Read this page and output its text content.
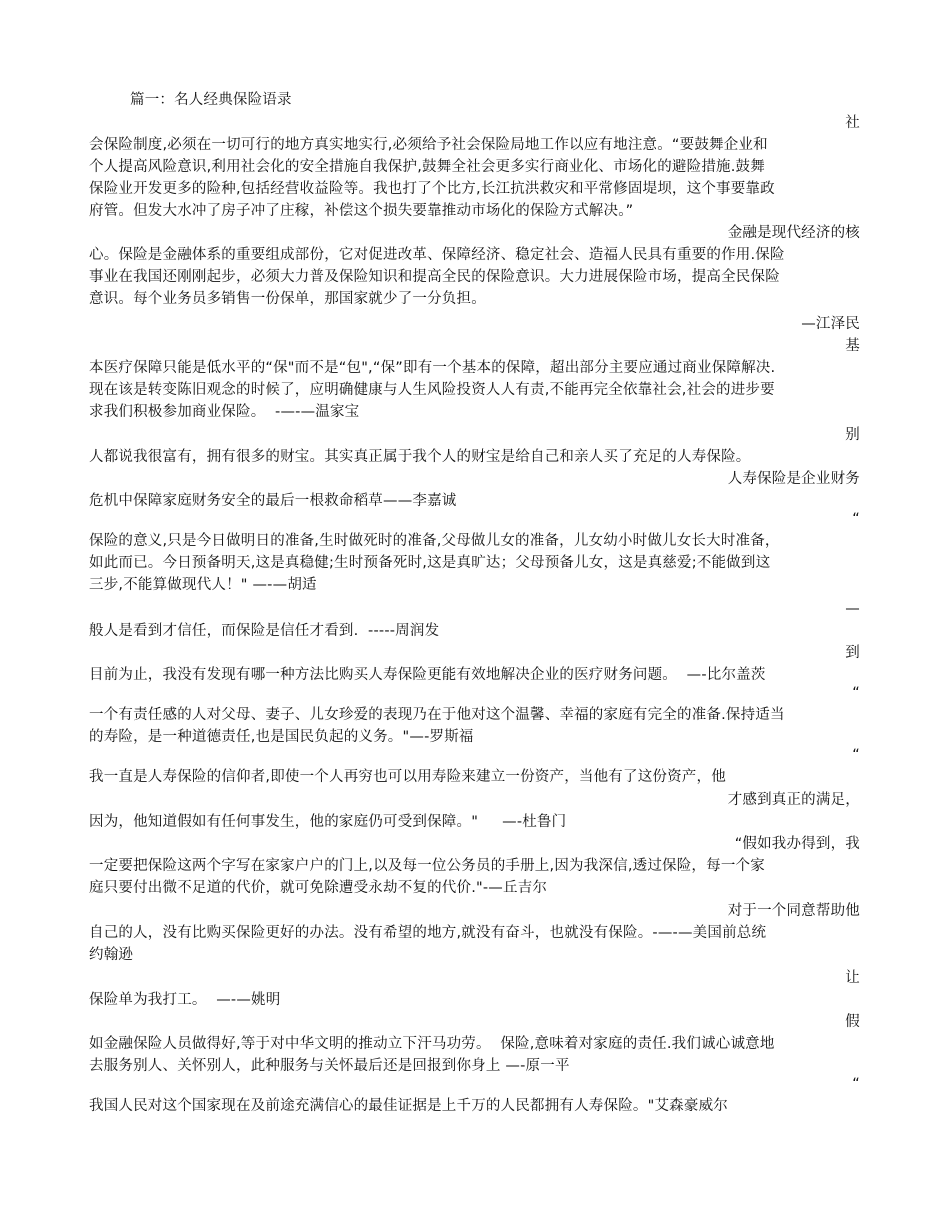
篇一：名人经典保险语录
社
会保险制度,必须在一切可行的地方真实地实行,必须给予社会保险局地工作以应有地注意。“要鼓舞企业和
个人提高风险意识,利用社会化的安全措施自我保护,鼓舞全社会更多实行商业化、市场化的避险措施.鼓舞
保险业开发更多的险种,包括经营收益险等。我也打了个比方,长江抗洪救灾和平常修固堤坝，这个事要靠政
府管。但发大水冲了房子冲了庄稼，补偿这个损失要靠推动市场化的保险方式解决。”
金融是现代经济的核
心。保险是金融体系的重要组成部份，它对促进改革、保障经济、稳定社会、造福人民具有重要的作用.保险
事业在我国还刚刚起步，必须大力普及保险知识和提高全民的保险意识。大力进展保险市场，提高全民保险
意识。每个业务员多销售一份保单，那国家就少了一分负担。
—江泽民
基
本医疗保障只能是低水平的“保"而不是“包",“保”即有一个基本的保障，超出部分主要应通过商业保障解决.
现在该是转变陈旧观念的时候了，应明确健康与人生风险投资人人有责,不能再完全依靠社会,社会的进步要
求我们积极参加商业保险。  -—-—温家宝
别
人都说我很富有，拥有很多的财宝。其实真正属于我个人的财宝是给自己和亲人买了充足的人寿保险。
人寿保险是企业财务
危机中保障家庭财务安全的最后一根救命稻草——李嘉诚
“
保险的意义,只是今日做明日的准备,生时做死时的准备,父母做儿女的准备，儿女幼小时做儿女长大时准备，
如此而已。今日预备明天,这是真稳健;生时预备死时,这是真旷达；父母预备儿女，这是真慈爱;不能做到这
三步,不能算做现代人！" —-—胡适
—
般人是看到才信任，而保险是信任才看到.  -----周润发
到
目前为止，我没有发现有哪一种方法比购买人寿保险更能有效地解决企业的医疗财务问题。  —-比尔盖茨
“
一个有责任感的人对父母、妻子、儿女珍爱的表现乃在于他对这个温馨、幸福的家庭有完全的准备.保持适当
的寿险，是一种道德责任,也是国民负起的义务。"—-罗斯福
“
我一直是人寿保险的信仰者,即使一个人再穷也可以用寿险来建立一份资产，当他有了这份资产，他
才感到真正的满足，
因为，他知道假如有任何事发生，他的家庭仍可受到保障。"     —-杜鲁门
“假如我办得到，我
一定要把保险这两个字写在家家户户的门上,以及每一位公务员的手册上,因为我深信,透过保险，每一个家
庭只要付出微不足道的代价，就可免除遭受永劫不复的代价."-—丘吉尔
对于一个同意帮助他
自己的人，没有比购买保险更好的办法。没有希望的地方,就没有奋斗，也就没有保险。-—-—美国前总统
约翰逊
让
保险单为我打工。  —-—姚明
假
如金融保险人员做得好,等于对中华文明的推动立下汗马功劳。  保险,意味着对家庭的责任.我们诚心诚意地
去服务别人、关怀别人，此种服务与关怀最后还是回报到你身上 —-原一平
“
我国人民对这个国家现在及前途充满信心的最佳证据是上千万的人民都拥有人寿保险。"艾森豪威尔
